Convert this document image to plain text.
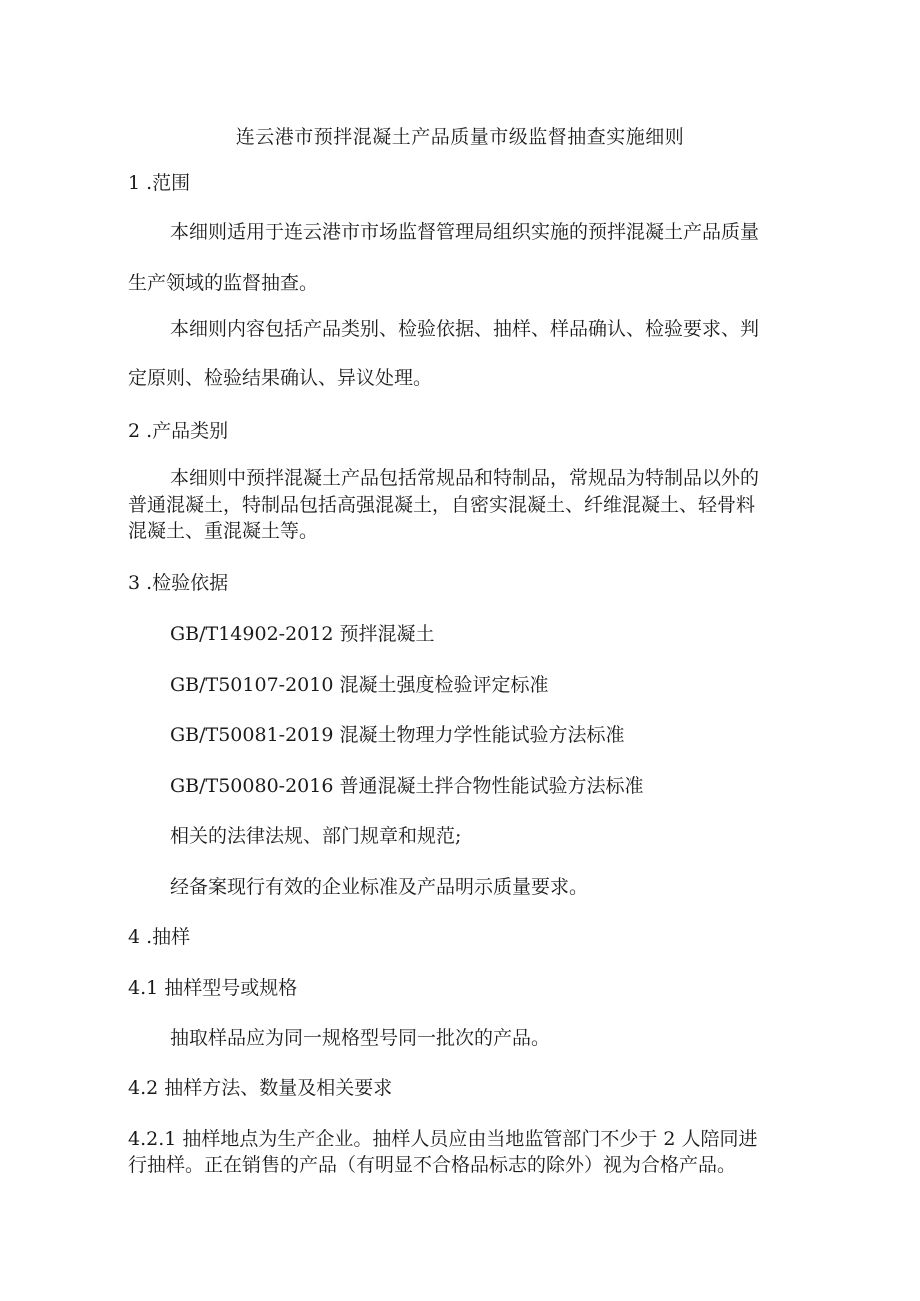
连云港市预拌混凝土产品质量市级监督抽查实施细则
1 .范围
本细则适用于连云港市市场监督管理局组织实施的预拌混凝土产品质量
生产领域的监督抽查。
本细则内容包括产品类别、检验依据、抽样、样品确认、检验要求、判
定原则、检验结果确认、异议处理。
2 .产品类别
本细则中预拌混凝土产品包括常规品和特制品，常规品为特制品以外的
普通混凝土，特制品包括高强混凝土，自密实混凝土、纤维混凝土、轻骨料
混凝土、重混凝土等。
3 .检验依据
GB/T14902-2012 预拌混凝土
GB/T50107-2010 混凝土强度检验评定标准
GB/T50081-2019 混凝土物理力学性能试验方法标准
GB/T50080-2016 普通混凝土拌合物性能试验方法标准
相关的法律法规、部门规章和规范;
经备案现行有效的企业标准及产品明示质量要求。
4 .抽样
4.1 抽样型号或规格
抽取样品应为同一规格型号同一批次的产品。
4.2 抽样方法、数量及相关要求
4.2.1 抽样地点为生产企业。抽样人员应由当地监管部门不少于 2 人陪同进
行抽样。正在销售的产品（有明显不合格品标志的除外）视为合格产品。
